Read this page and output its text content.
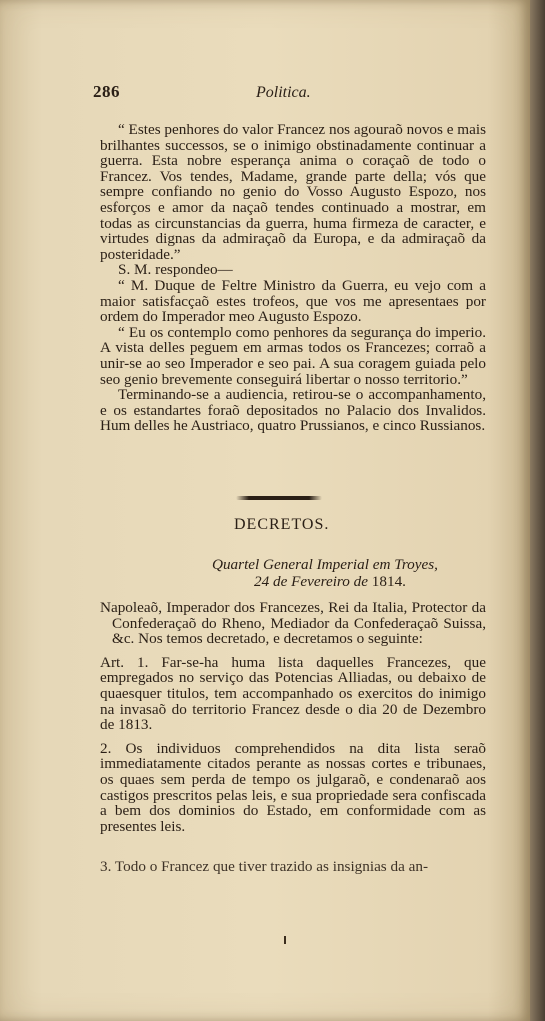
286	Politica.

“ Estes penhores do valor Francez nos agouraõ novos e mais brilhantes successos, se o inimigo obstinadamente continuar a guerra. Esta nobre esperança anima o coraçaõ de todo o Francez. Vos tendes, Madame, grande parte della; vós que sempre confiando no genio do Vosso Augusto Espozo, nos esforços e amor da naçaõ tendes continuado a mostrar, em todas as circunstancias da guerra, huma firmeza de caracter, e virtudes dignas da admiraçaõ da Europa, e da admiraçaõ da posteridade.”

S. M. respondeo—

“ M. Duque de Feltre Ministro da Guerra, eu vejo com a maior satisfacçaõ estes trofeos, que vos me apresentaes por ordem do Imperador meo Augusto Espozo.

“ Eu os contemplo como penhores da segurança do imperio. A vista delles peguem em armas todos os Francezes; corraõ a unir-se ao seo Imperador e seo pai. A sua coragem guiada pelo seo genio brevemente conseguirá libertar o nosso territorio.”

Terminando-se a audiencia, retirou-se o accompanhamento, e os estandartes foraõ depositados no Palacio dos Invalidos. Hum delles he Austriaco, quatro Prussianos, e cinco Russianos.

DECRETOS.
Quartel General Imperial em Troyes,
24 de Fevereiro de 1814.

Napoleaõ, Imperador dos Francezes, Rei da Italia, Protector da Confederaçaõ do Rheno, Mediador da Confederaçaõ Suissa, &c. Nos temos decretado, e decretamos o seguinte:

Art. 1. Far-se-ha huma lista daquelles Francezes, que empregados no serviço das Potencias Alliadas, ou debaixo de quaesquer titulos, tem accompanhado os exercitos do inimigo na invasaõ do territorio Francez desde o dia 20 de Dezembro de 1813.

2. Os individuos comprehendidos na dita lista seraõ immediatamente citados perante as nossas cortes e tribunaes, os quaes sem perda de tempo os julgaraõ, e condenaraõ aos castigos prescritos pelas leis, e sua propriedade sera confiscada a bem dos dominios do Estado, em conformidade com as presentes leis.

3. Todo o Francez que tiver trazido as insignias da an-
